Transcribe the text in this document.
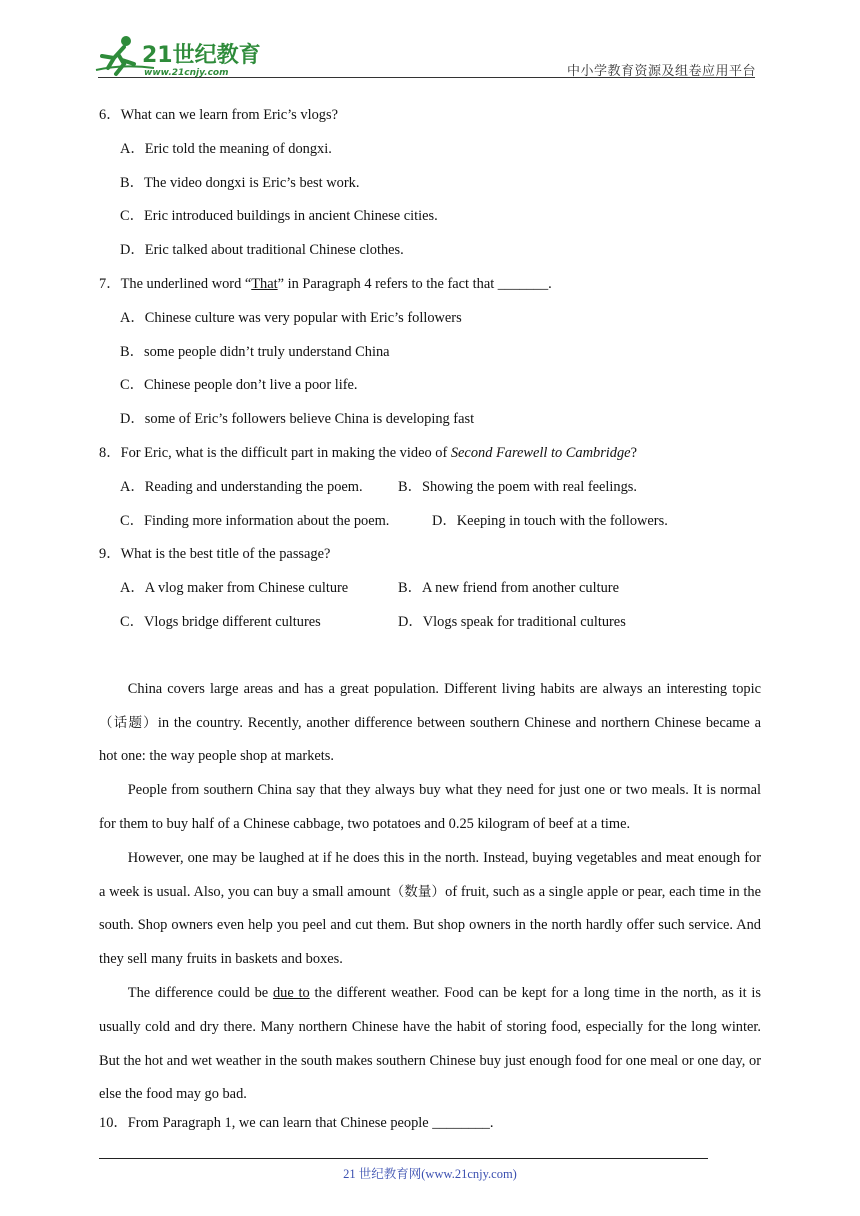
21世纪教育
www.21cnjy.com	中小学教育资源及组卷应用平台
6．What can we learn from Eric’s vlogs?
A．Eric told the meaning of dongxi.
B．The video dongxi is Eric’s best work.
C．Eric introduced buildings in ancient Chinese cities.
D．Eric talked about traditional Chinese clothes.
7．The underlined word “That” in Paragraph 4 refers to the fact that _______.
A．Chinese culture was very popular with Eric’s followers
B．some people didn’t truly understand China
C．Chinese people don’t live a poor life.
D．some of Eric’s followers believe China is developing fast
8．For Eric, what is the difficult part in making the video of Second Farewell to Cambridge?
A．Reading and understanding the poem. B．Showing the poem with real feelings.
C．Finding more information about the poem.	D．Keeping in touch with the followers.
9．What is the best title of the passage?
A．A vlog maker from Chinese culture	B．A new friend from another culture
C．Vlogs bridge different cultures	D．Vlogs speak for traditional cultures

China covers large areas and has a great population. Different living habits are always an interesting topic（话题）in the country. Recently, another difference between southern Chinese and northern Chinese became a hot one: the way people shop at markets.

People from southern China say that they always buy what they need for just one or two meals. It is normal for them to buy half of a Chinese cabbage, two potatoes and 0.25 kilogram of beef at a time.

However, one may be laughed at if he does this in the north. Instead, buying vegetables and meat enough for a week is usual. Also, you can buy a small amount（数量）of fruit, such as a single apple or pear, each time in the south. Shop owners even help you peel and cut them. But shop owners in the north hardly offer such service. And they sell many fruits in baskets and boxes.

The difference could be due to the different weather. Food can be kept for a long time in the north, as it is usually cold and dry there. Many northern Chinese have the habit of storing food, especially for the long winter. But the hot and wet weather in the south makes southern Chinese buy just enough food for one meal or one day, or else the food may go bad.

10．From Paragraph 1, we can learn that Chinese people ________.
21 世纪教育网(www.21cnjy.com)
